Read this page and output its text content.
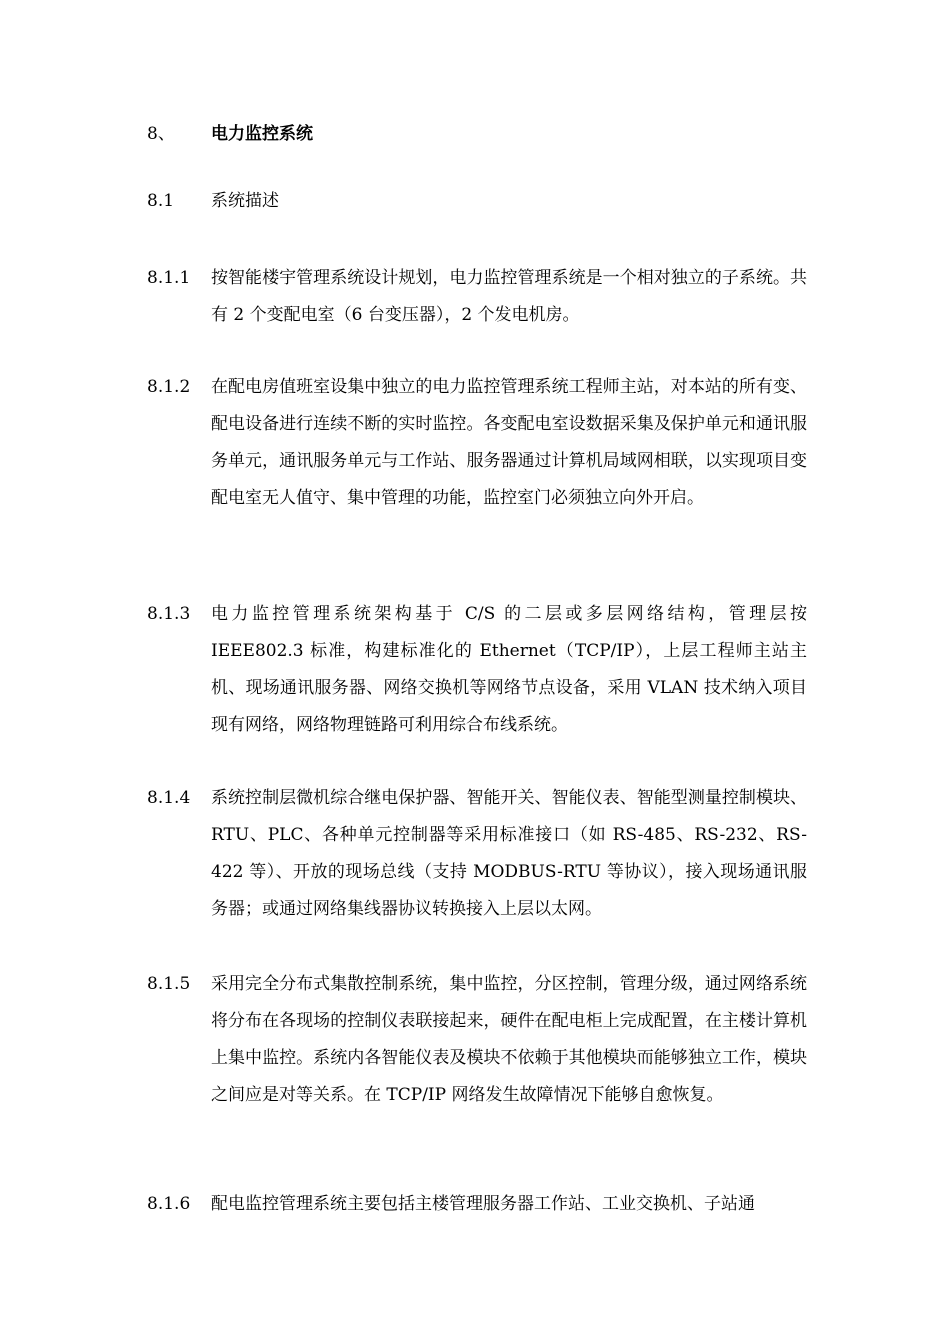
8、 电力监控系统
8.1 系统描述
8.1.1	按智能楼宇管理系统设计规划，电力监控管理系统是一个相对独立的子系统。共有 2 个变配电室（6 台变压器），2 个发电机房。
8.1.2	在配电房值班室设集中独立的电力监控管理系统工程师主站，对本站的所有变、配电设备进行连续不断的实时监控。各变配电室设数据采集及保护单元和通讯服务单元，通讯服务单元与工作站、服务器通过计算机局域网相联，以实现项目变配电室无人值守、集中管理的功能，监控室门必须独立向外开启。
8.1.3	电力监控管理系统架构基于 C/S 的二层或多层网络结构，管理层按 IEEE802.3 标准，构建标准化的 Ethernet（TCP/IP），上层工程师主站主机、现场通讯服务器、网络交换机等网络节点设备，采用 VLAN 技术纳入项目现有网络，网络物理链路可利用综合布线系统。
8.1.4	系统控制层微机综合继电保护器、智能开关、智能仪表、智能型测量控制模块、RTU、PLC、各种单元控制器等采用标准接口（如 RS-485、RS-232、RS-422 等）、开放的现场总线（支持 MODBUS-RTU 等协议），接入现场通讯服务器；或通过网络集线器协议转换接入上层以太网。
8.1.5	采用完全分布式集散控制系统，集中监控，分区控制，管理分级，通过网络系统将分布在各现场的控制仪表联接起来，硬件在配电柜上完成配置，在主楼计算机上集中监控。系统内各智能仪表及模块不依赖于其他模块而能够独立工作，模块之间应是对等关系。在 TCP/IP 网络发生故障情况下能够自愈恢复。
8.1.6	配电监控管理系统主要包括主楼管理服务器工作站、工业交换机、子站通
